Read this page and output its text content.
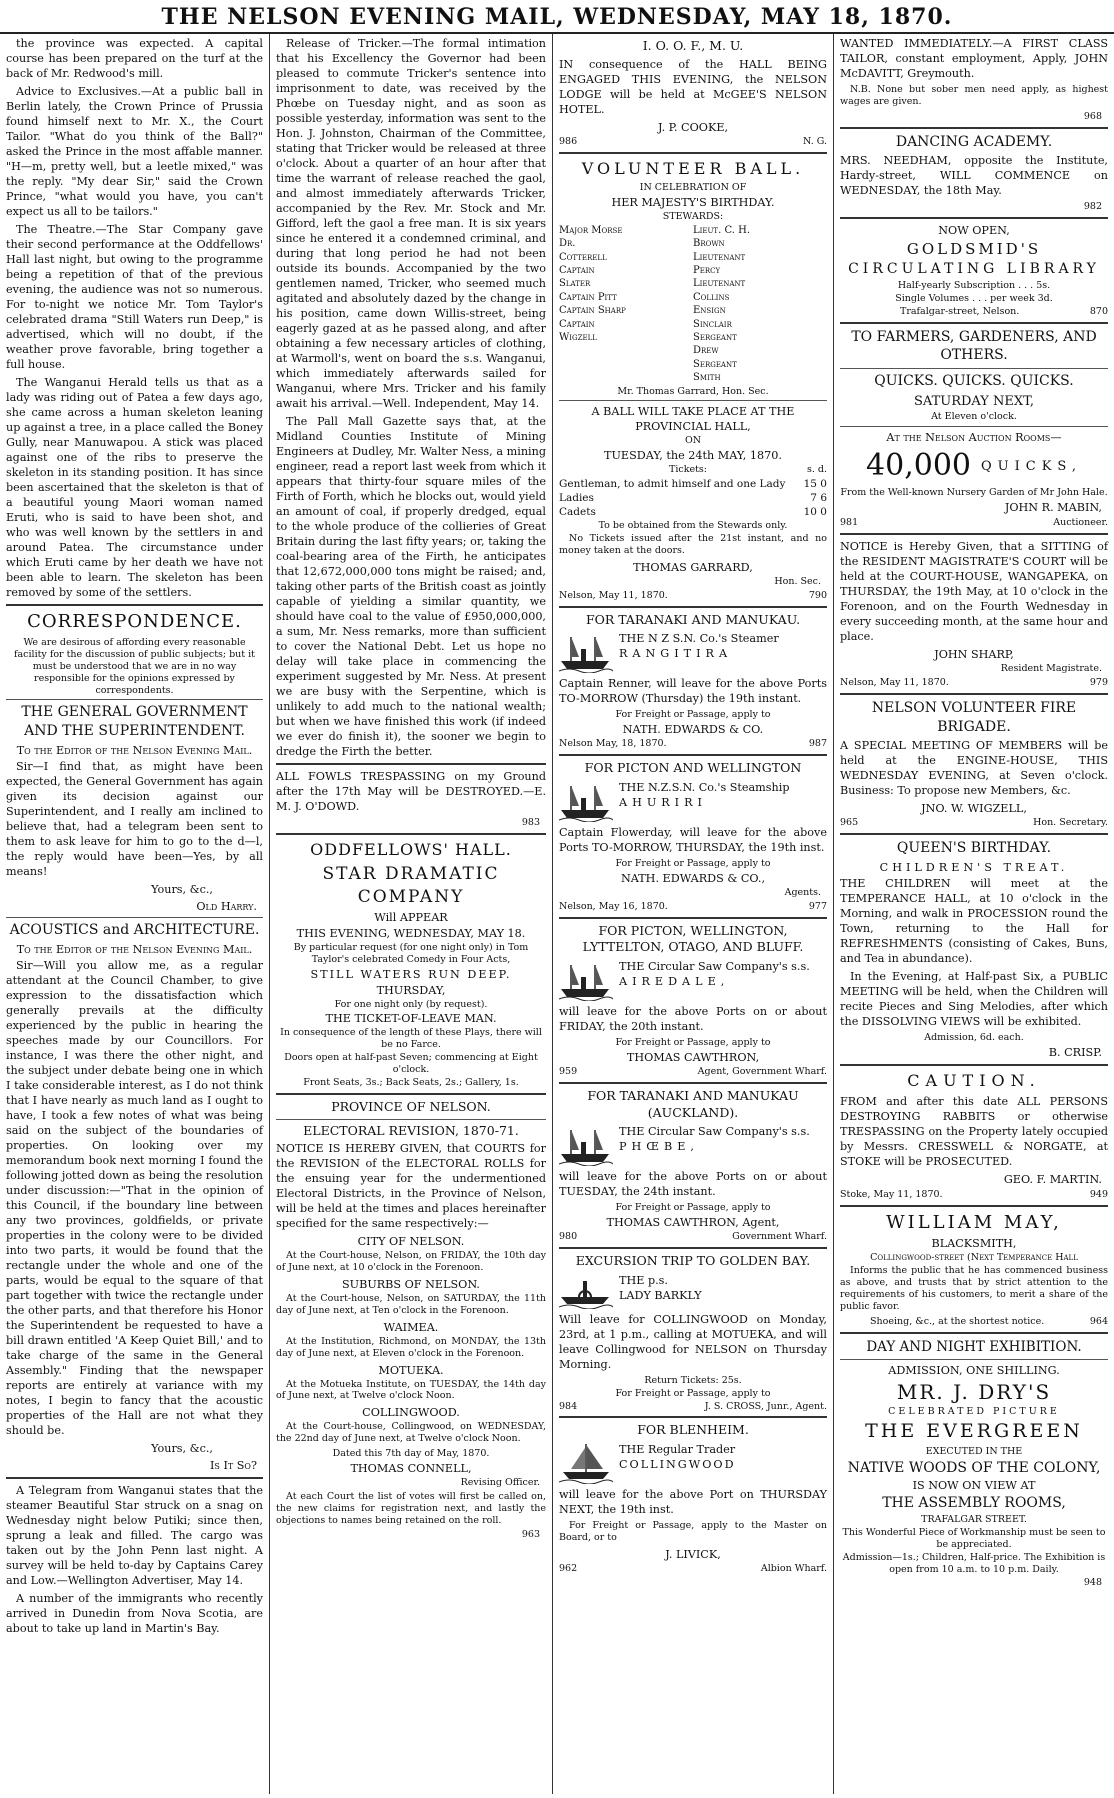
THE NELSON EVENING MAIL, WEDNESDAY, MAY 18, 1870.

the province was expected. A capital course has been prepared on the turf at the back of Mr. Redwood's mill.

Advice to Exclusives.—At a public ball in Berlin lately, the Crown Prince of Prussia found himself next to Mr. X., the Court Tailor. "What do you think of the Ball?" asked the Prince in the most affable manner. "H—m, pretty well, but a leetle mixed," was the reply. "My dear Sir," said the Crown Prince, "what would you have, you can't expect us all to be tailors."

The Theatre.—The Star Company gave their second performance at the Oddfellows' Hall last night, but owing to the programme being a repetition of that of the previous evening, the audience was not so numerous. For to-night we notice Mr. Tom Taylor's celebrated drama "Still Waters run Deep," is advertised, which will no doubt, if the weather prove favorable, bring together a full house.

The Wanganui Herald tells us that as a lady was riding out of Patea a few days ago, she came across a human skeleton leaning up against a tree, in a place called the Boney Gully, near Manuwapou. A stick was placed against one of the ribs to preserve the skeleton in its standing position. It has since been ascertained that the skeleton is that of a beautiful young Maori woman named Eruti, who is said to have been shot, and who was well known by the settlers in and around Patea. The circumstance under which Eruti came by her death we have not been able to learn. The skeleton has been removed by some of the settlers.

CORRESPONDENCE.
We are desirous of affording every reasonable facility for the discussion of public subjects; but it must be understood that we are in no way responsible for the opinions expressed by correspondents.
THE GENERAL GOVERNMENT AND THE SUPERINTENDENT.
To the Editor of the Nelson Evening Mail.

Sir—I find that, as might have been expected, the General Government has again given its decision against our Superintendent, and I really am inclined to believe that, had a telegram been sent to them to ask leave for him to go to the d—l, the reply would have been—Yes, by all means!

Yours, &c.,
Old Harry.
ACOUSTICS and ARCHITECTURE.
To the Editor of the Nelson Evening Mail.

Sir—Will you allow me, as a regular attendant at the Council Chamber, to give expression to the dissatisfaction which generally prevails at the difficulty experienced by the public in hearing the speeches made by our Councillors. For instance, I was there the other night, and the subject under debate being one in which I take considerable interest, as I do not think that I have nearly as much land as I ought to have, I took a few notes of what was being said on the subject of the boundaries of properties. On looking over my memorandum book next morning I found the following jotted down as being the resolution under discussion:—"That in the opinion of this Council, if the boundary line between any two provinces, goldfields, or private properties in the colony were to be divided into two parts, it would be found that the rectangle under the whole and one of the parts, would be equal to the square of that part together with twice the rectangle under the other parts, and that therefore his Honor the Superintendent be requested to have a bill drawn entitled 'A Keep Quiet Bill,' and to take charge of the same in the General Assembly." Finding that the newspaper reports are entirely at variance with my notes, I begin to fancy that the acoustic properties of the Hall are not what they should be.

Yours, &c.,
Is It So?

A Telegram from Wanganui states that the steamer Beautiful Star struck on a snag on Wednesday night below Putiki; since then, sprung a leak and filled. The cargo was taken out by the John Penn last night. A survey will be held to-day by Captains Carey and Low.—Wellington Advertiser, May 14.

A number of the immigrants who recently arrived in Dunedin from Nova Scotia, are about to take up land in Martin's Bay.

Release of Tricker.—The formal intimation that his Excellency the Governor had been pleased to commute Tricker's sentence into imprisonment to date, was received by the Phœbe on Tuesday night, and as soon as possible yesterday, information was sent to the Hon. J. Johnston, Chairman of the Committee, stating that Tricker would be released at three o'clock. About a quarter of an hour after that time the warrant of release reached the gaol, and almost immediately afterwards Tricker, accompanied by the Rev. Mr. Stock and Mr. Gifford, left the gaol a free man. It is six years since he entered it a condemned criminal, and during that long period he had not been outside its bounds. Accompanied by the two gentlemen named, Tricker, who seemed much agitated and absolutely dazed by the change in his position, came down Willis-street, being eagerly gazed at as he passed along, and after obtaining a few necessary articles of clothing, at Warmoll's, went on board the s.s. Wanganui, which immediately afterwards sailed for Wanganui, where Mrs. Tricker and his family await his arrival.—Well. Independent, May 14.

The Pall Mall Gazette says that, at the Midland Counties Institute of Mining Engineers at Dudley, Mr. Walter Ness, a mining engineer, read a report last week from which it appears that thirty-four square miles of the Firth of Forth, which he blocks out, would yield an amount of coal, if properly dredged, equal to the whole produce of the collieries of Great Britain during the last fifty years; or, taking the coal-bearing area of the Firth, he anticipates that 12,672,000,000 tons might be raised; and, taking other parts of the British coast as jointly capable of yielding a similar quantity, we should have coal to the value of £950,000,000, a sum, Mr. Ness remarks, more than sufficient to cover the National Debt. Let us hope no delay will take place in commencing the experiment suggested by Mr. Ness. At present we are busy with the Serpentine, which is unlikely to add much to the national wealth; but when we have finished this work (if indeed we ever do finish it), the sooner we begin to dredge the Firth the better.

ALL FOWLS TRESPASSING on my Ground after the 17th May will be DESTROYED.—E. M. J. O'DOWD.

983
ODDFELLOWS' HALL.
STAR DRAMATIC COMPANY
Will APPEAR
THIS EVENING, WEDNESDAY, MAY 18.
By particular request (for one night only) in Tom Taylor's celebrated Comedy in Four Acts,
STILL WATERS RUN DEEP.
THURSDAY,
For one night only (by request).
THE TICKET-OF-LEAVE MAN.
In consequence of the length of these Plays, there will be no Farce.
Doors open at half-past Seven; commencing at Eight o'clock.
Front Seats, 3s.; Back Seats, 2s.; Gallery, 1s.
PROVINCE OF NELSON.
ELECTORAL REVISION, 1870-71.

NOTICE IS HEREBY GIVEN, that COURTS for the REVISION of the ELECTORAL ROLLS for the ensuing year for the undermentioned Electoral Districts, in the Province of Nelson, will be held at the times and places hereinafter specified for the same respectively:—

CITY OF NELSON.

At the Court-house, Nelson, on FRIDAY, the 10th day of June next, at 10 o'clock in the Forenoon.

SUBURBS OF NELSON.

At the Court-house, Nelson, on SATURDAY, the 11th day of June next, at Ten o'clock in the Forenoon.

WAIMEA.

At the Institution, Richmond, on MONDAY, the 13th day of June next, at Eleven o'clock in the Forenoon.

MOTUEKA.

At the Motueka Institute, on TUESDAY, the 14th day of June next, at Twelve o'clock Noon.

COLLINGWOOD.

At the Court-house, Collingwood, on WEDNESDAY, the 22nd day of June next, at Twelve o'clock Noon.

Dated this 7th day of May, 1870.
THOMAS CONNELL,
Revising Officer.

At each Court the list of votes will first be called on, the new claims for registration next, and lastly the objections to names being retained on the roll.

963
I. O. O. F., M. U.

IN consequence of the HALL BEING ENGAGED THIS EVENING, the NELSON LODGE will be held at McGEE'S NELSON HOTEL.

J. P. COOKE,
986	N. G.
VOLUNTEER BALL.
IN CELEBRATION OF
HER MAJESTY'S BIRTHDAY.
STEWARDS:
Major Morse
Dr. Cotterell
Captain Slater
Captain Pitt
Captain Sharp
Captain Wigzell
Lieut. C. H. Brown
Lieutenant Percy
Lieutenant Collins
Ensign Sinclair
Sergeant Drew
Sergeant Smith
Mr. Thomas Garrard, Hon. Sec.
A BALL WILL TAKE PLACE AT THE PROVINCIAL HALL,
ON
TUESDAY, the 24th MAY, 1870.
Tickets:	s. d.
Gentleman, to admit himself and one Lady	15 0
Ladies	7 6
Cadets	10 0
To be obtained from the Stewards only.

No Tickets issued after the 21st instant, and no money taken at the doors.

THOMAS GARRARD,
Hon. Sec.
Nelson, May 11, 1870.	790
FOR TARANAKI AND MANUKAU.
THE N Z S.N. Co.'s Steamer
RANGITIRA

Captain Renner, will leave for the above Ports TO-MORROW (Thursday) the 19th instant.

For Freight or Passage, apply to
NATH. EDWARDS & CO.
Nelson May, 18, 1870.	987
FOR PICTON AND WELLINGTON
THE N.Z.S.N. Co.'s Steamship
AHURIRI

Captain Flowerday, will leave for the above Ports TO-MORROW, THURSDAY, the 19th inst.

For Freight or Passage, apply to
NATH. EDWARDS & CO.,
Agents.
Nelson, May 16, 1870.	977
FOR PICTON, WELLINGTON, LYTTELTON, OTAGO, AND BLUFF.
THE Circular Saw Company's s.s.
AIREDALE,

will leave for the above Ports on or about FRIDAY, the 20th instant.

For Freight or Passage, apply to
THOMAS CAWTHRON,
959	Agent, Government Wharf.
FOR TARANAKI AND MANUKAU (AUCKLAND).
THE Circular Saw Company's s.s.
PHŒBE,

will leave for the above Ports on or about TUESDAY, the 24th instant.

For Freight or Passage, apply to
THOMAS CAWTHRON, Agent,
980	Government Wharf.
EXCURSION TRIP TO GOLDEN BAY.
THE p.s.
LADY BARKLY

Will leave for COLLINGWOOD on Monday, 23rd, at 1 p.m., calling at MOTUEKA, and will leave Collingwood for NELSON on Thursday Morning.

Return Tickets: 25s.
For Freight or Passage, apply to
984	J. S. CROSS, Junr., Agent.
FOR BLENHEIM.
THE Regular Trader
COLLINGWOOD

will leave for the above Port on THURSDAY NEXT, the 19th inst.

For Freight or Passage, apply to the Master on Board, or to

J. LIVICK,
962	Albion Wharf.

WANTED IMMEDIATELY.—A FIRST CLASS TAILOR, constant employment, Apply, JOHN McDAVITT, Greymouth.

N.B. None but sober men need apply, as highest wages are given.

968
DANCING ACADEMY.

MRS. NEEDHAM, opposite the Institute, Hardy-street, WILL COMMENCE on WEDNESDAY, the 18th May.

982
NOW OPEN,
GOLDSMID'S
CIRCULATING LIBRARY
Half-yearly Subscription . . . 5s.
Single Volumes . . . per week 3d.
Trafalgar-street, Nelson.	870
TO FARMERS, GARDENERS, AND OTHERS.
QUICKS. QUICKS. QUICKS.
SATURDAY NEXT,
At Eleven o'clock.
At the Nelson Auction Rooms—
40,000 QUICKS,
From the Well-known Nursery Garden of Mr John Hale.
JOHN R. MABIN,
981	Auctioneer.

NOTICE is Hereby Given, that a SITTING of the RESIDENT MAGISTRATE'S COURT will be held at the COURT-HOUSE, WANGAPEKA, on THURSDAY, the 19th May, at 10 o'clock in the Forenoon, and on the Fourth Wednesday in every succeeding month, at the same hour and place.

JOHN SHARP,
Resident Magistrate.
Nelson, May 11, 1870.	979
NELSON VOLUNTEER FIRE BRIGADE.

A SPECIAL MEETING OF MEMBERS will be held at the ENGINE-HOUSE, THIS WEDNESDAY EVENING, at Seven o'clock. Business: To propose new Members, &c.

JNO. W. WIGZELL,
965	Hon. Secretary.
QUEEN'S BIRTHDAY.
CHILDREN'S TREAT.

THE CHILDREN will meet at the TEMPERANCE HALL, at 10 o'clock in the Morning, and walk in PROCESSION round the Town, returning to the Hall for REFRESHMENTS (consisting of Cakes, Buns, and Tea in abundance).

In the Evening, at Half-past Six, a PUBLIC MEETING will be held, when the Children will recite Pieces and Sing Melodies, after which the DISSOLVING VIEWS will be exhibited.

Admission, 6d. each.
B. CRISP.
CAUTION.

FROM and after this date ALL PERSONS DESTROYING RABBITS or otherwise TRESPASSING on the Property lately occupied by Messrs. CRESSWELL & NORGATE, at STOKE will be PROSECUTED.

GEO. F. MARTIN.
Stoke, May 11, 1870.	949
WILLIAM MAY,
BLACKSMITH,
Collingwood-street (Next Temperance Hall

Informs the public that he has commenced business as above, and trusts that by strict attention to the requirements of his customers, to merit a share of the public favor.

Shoeing, &c., at the shortest notice.	964
DAY AND NIGHT EXHIBITION.
ADMISSION, ONE SHILLING.
MR. J. DRY'S
CELEBRATED PICTURE
THE EVERGREEN
EXECUTED IN THE
NATIVE WOODS OF THE COLONY,
IS NOW ON VIEW AT
THE ASSEMBLY ROOMS,
TRAFALGAR STREET.
This Wonderful Piece of Workmanship must be seen to be appreciated.
Admission—1s.; Children, Half-price. The Exhibition is open from 10 a.m. to 10 p.m. Daily.
948
